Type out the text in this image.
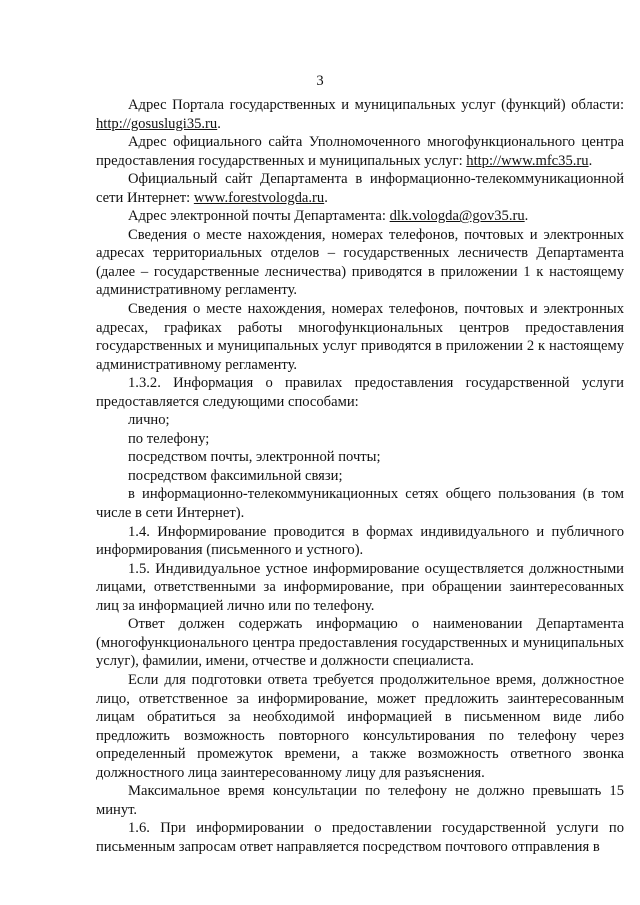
3

Адрес Портала государственных и муниципальных услуг (функций) области: http://gosuslugi35.ru.

Адрес официального сайта Уполномоченного многофункционального центра предоставления государственных и муниципальных услуг: http://www.mfc35.ru.

Официальный сайт Департамента в информационно-телекоммуникационной сети Интернет: www.forestvologda.ru.

Адрес электронной почты Департамента: dlk.vologda@gov35.ru.

Сведения о месте нахождения, номерах телефонов, почтовых и электронных адресах территориальных отделов – государственных лесничеств Департамента (далее – государственные лесничества) приводятся в приложении 1 к настоящему административному регламенту.

Сведения о месте нахождения, номерах телефонов, почтовых и электронных адресах, графиках работы многофункциональных центров предоставления государственных и муниципальных услуг приводятся в приложении 2 к настоящему административному регламенту.

1.3.2. Информация о правилах предоставления государственной услуги предоставляется следующими способами:

лично;

по телефону;

посредством почты, электронной почты;

посредством факсимильной связи;

в информационно-телекоммуникационных сетях общего пользования (в том числе в сети Интернет).

1.4. Информирование проводится в формах индивидуального и публичного информирования (письменного и устного).

1.5. Индивидуальное устное информирование осуществляется должностными лицами, ответственными за информирование, при обращении заинтересованных лиц за информацией лично или по телефону.

Ответ должен содержать информацию о наименовании Департамента (многофункционального центра предоставления государственных и муниципальных услуг), фамилии, имени, отчестве и должности специалиста.

Если для подготовки ответа требуется продолжительное время, должностное лицо, ответственное за информирование, может предложить заинтересованным лицам обратиться за необходимой информацией в письменном виде либо предложить возможность повторного консультирования по телефону через определенный промежуток времени, а также возможность ответного звонка должностного лица заинтересованному лицу для разъяснения.

Максимальное время консультации по телефону не должно превышать 15 минут.

1.6. При информировании о предоставлении государственной услуги по письменным запросам ответ направляется посредством почтового отправления в
